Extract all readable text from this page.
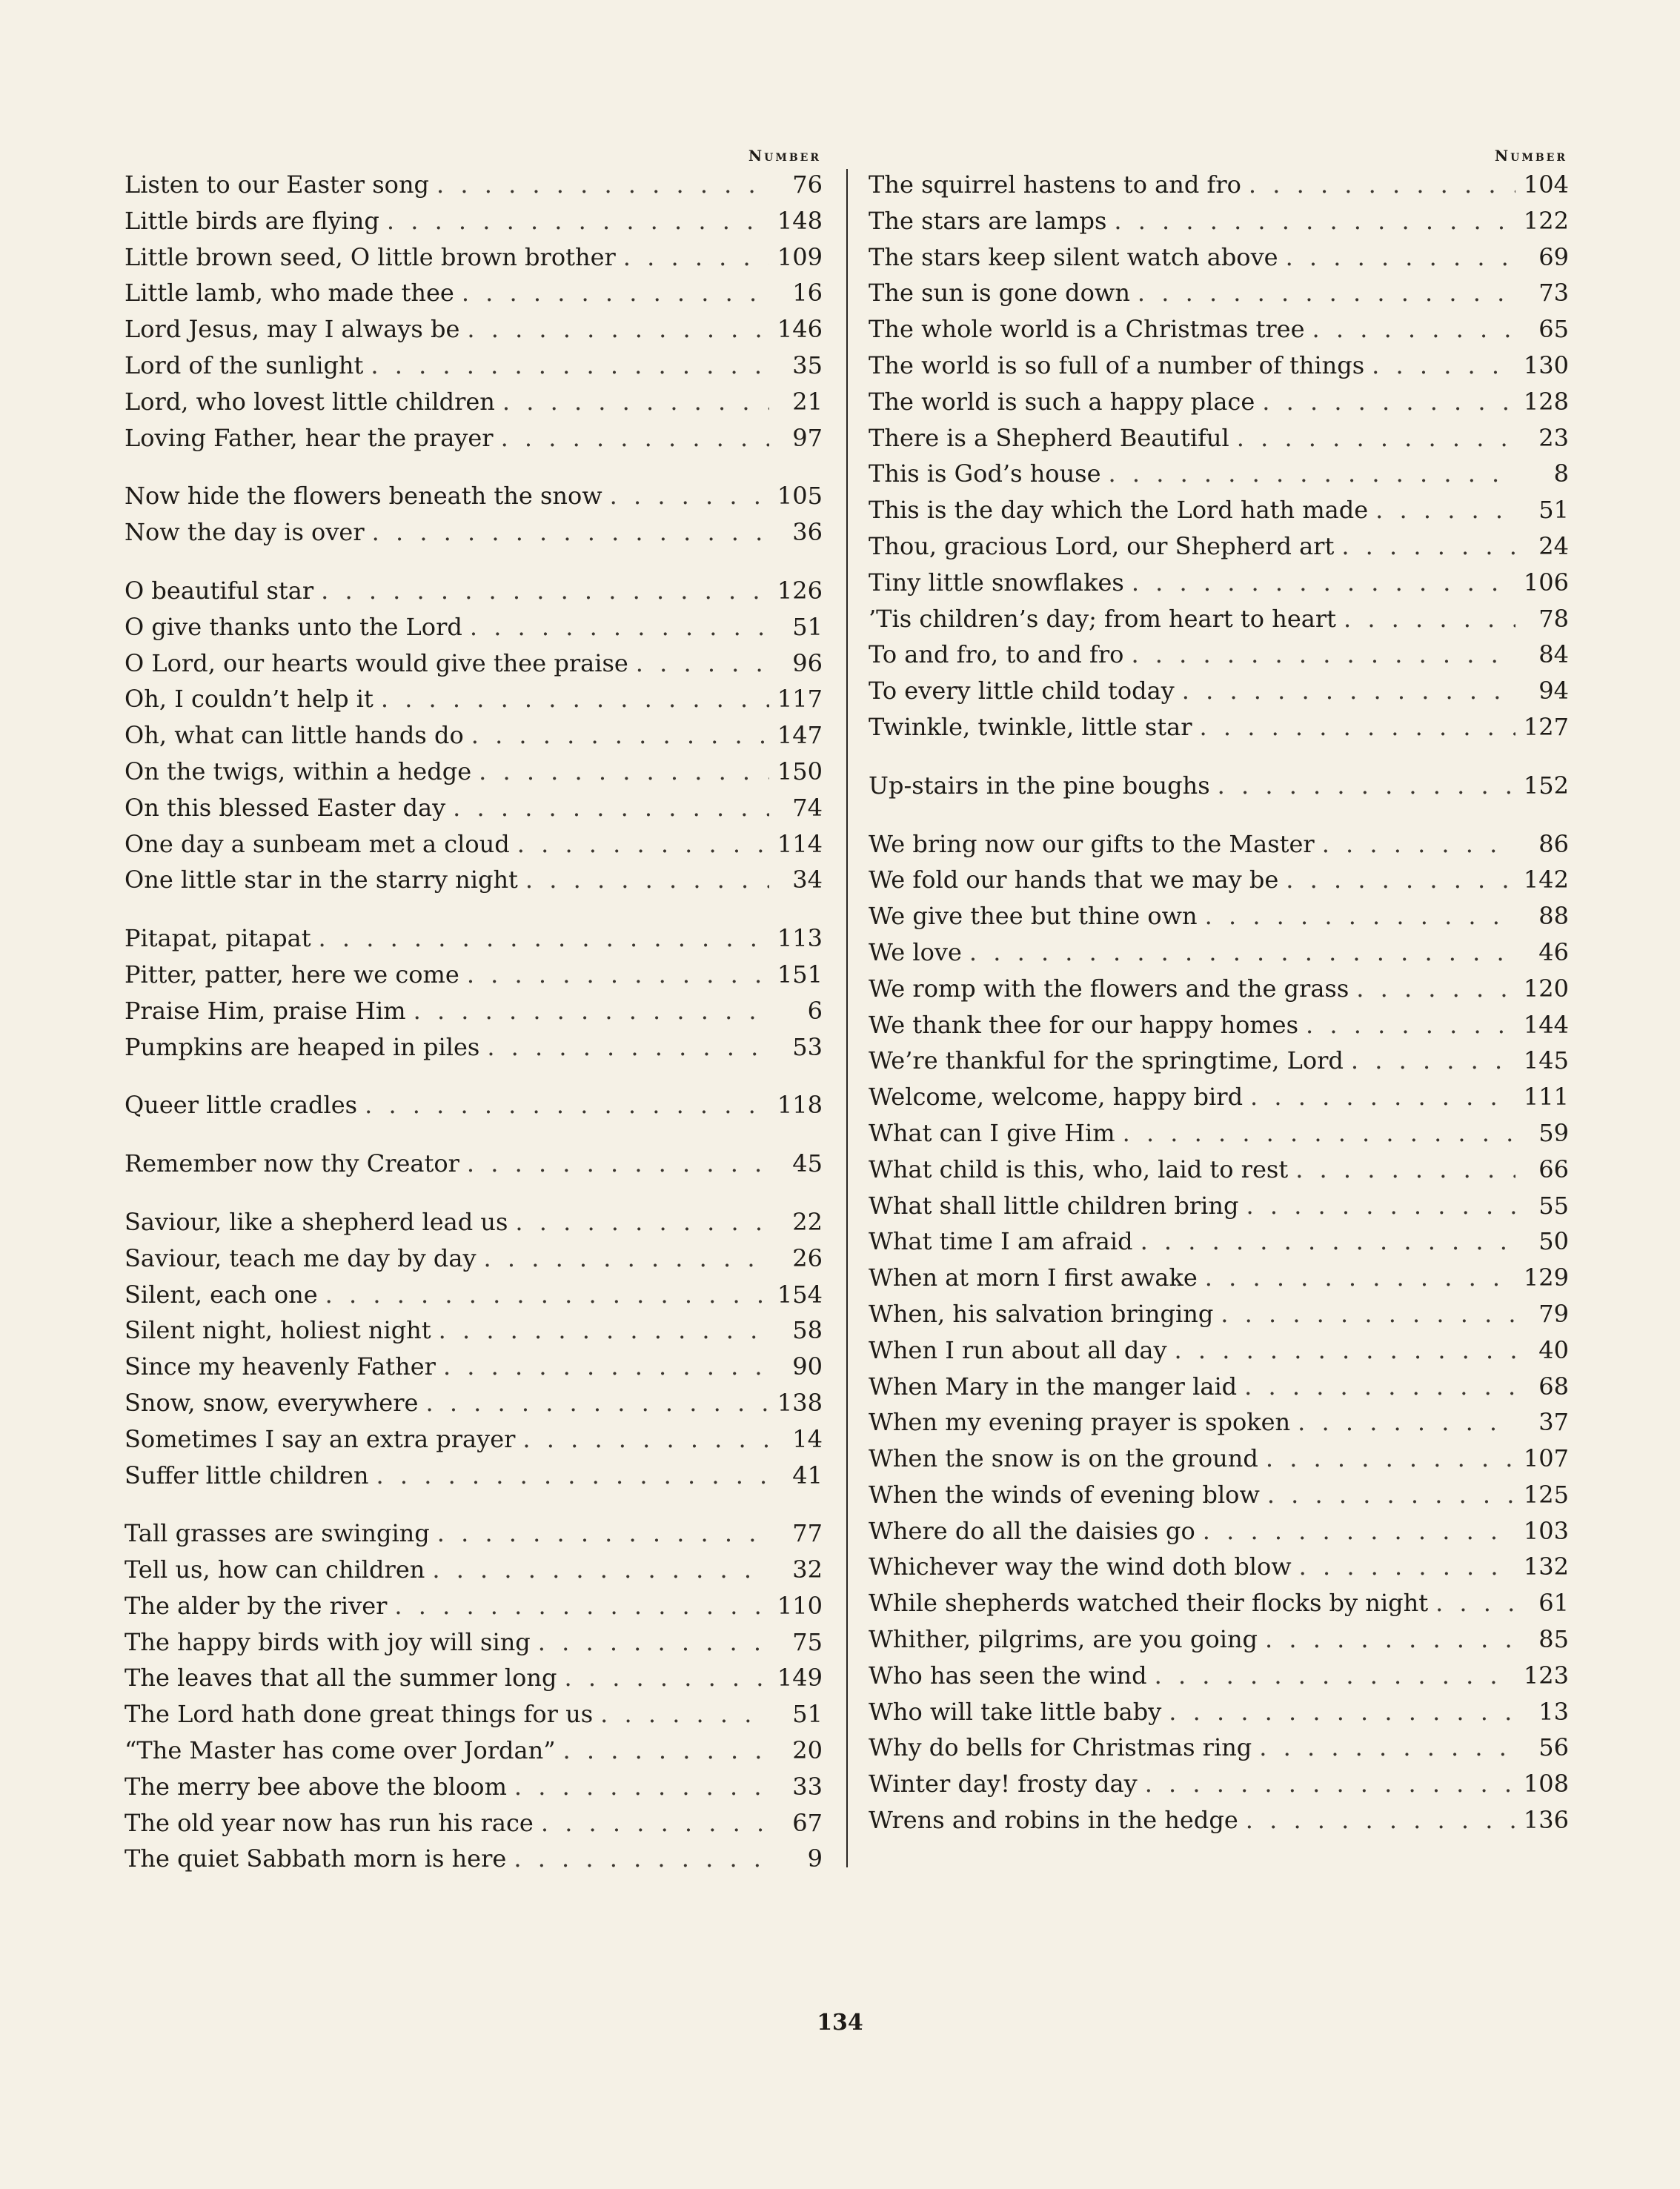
Number
Listen to our Easter song . . .	76
Little birds are flying . . .	148
Little brown seed, O little brown brother . . .	109
Little lamb, who made thee . . .	16
Lord Jesus, may I always be . . .	146
Lord of the sunlight . . .	35
Lord, who lovest little children . . .	21
Loving Father, hear the prayer . . .	97
Now hide the flowers beneath the snow . . .	105
Now the day is over . . .	36
O beautiful star . . .	126
O give thanks unto the Lord . . .	51
O Lord, our hearts would give thee praise . . .	96
Oh, I couldn’t help it . . .	117
Oh, what can little hands do . . .	147
On the twigs, within a hedge . . .	150
On this blessed Easter day . . .	74
One day a sunbeam met a cloud . . .	114
One little star in the starry night . . .	34
Pitapat, pitapat . . .	113
Pitter, patter, here we come . . .	151
Praise Him, praise Him . . .	6
Pumpkins are heaped in piles . . .	53
Queer little cradles . . .	118
Remember now thy Creator . . .	45
Saviour, like a shepherd lead us . . .	22
Saviour, teach me day by day . . .	26
Silent, each one . . .	154
Silent night, holiest night . . .	58
Since my heavenly Father . . .	90
Snow, snow, everywhere . . .	138
Sometimes I say an extra prayer . . .	14
Suffer little children . . .	41
Tall grasses are swinging . . .	77
Tell us, how can children . . .	32
The alder by the river . . .	110
The happy birds with joy will sing . . .	75
The leaves that all the summer long . . .	149
The Lord hath done great things for us . . .	51
“The Master has come over Jordan” . . .	20
The merry bee above the bloom . . .	33
The old year now has run his race . . .	67
The quiet Sabbath morn is here . . .	9
Number
The squirrel hastens to and fro . . .	104
The stars are lamps . . .	122
The stars keep silent watch above . . .	69
The sun is gone down . . .	73
The whole world is a Christmas tree . . .	65
The world is so full of a number of things . . .	130
The world is such a happy place . . .	128
There is a Shepherd Beautiful . . .	23
This is God’s house . . .	8
This is the day which the Lord hath made . . .	51
Thou, gracious Lord, our Shepherd art . . .	24
Tiny little snowflakes . . .	106
’Tis children’s day; from heart to heart . . .	78
To and fro, to and fro . . .	84
To every little child today . . .	94
Twinkle, twinkle, little star . . .	127
Up-stairs in the pine boughs . . .	152
We bring now our gifts to the Master . . .	86
We fold our hands that we may be . . .	142
We give thee but thine own . . .	88
We love . . .	46
We romp with the flowers and the grass . . .	120
We thank thee for our happy homes . . .	144
We’re thankful for the springtime, Lord . . .	145
Welcome, welcome, happy bird . . .	111
What can I give Him . . .	59
What child is this, who, laid to rest . . .	66
What shall little children bring . . .	55
What time I am afraid . . .	50
When at morn I first awake . . .	129
When, his salvation bringing . . .	79
When I run about all day . . .	40
When Mary in the manger laid . . .	68
When my evening prayer is spoken . . .	37
When the snow is on the ground . . .	107
When the winds of evening blow . . .	125
Where do all the daisies go . . .	103
Whichever way the wind doth blow . . .	132
While shepherds watched their flocks by night . . .	61
Whither, pilgrims, are you going . . .	85
Who has seen the wind . . .	123
Who will take little baby . . .	13
Why do bells for Christmas ring . . .	56
Winter day! frosty day . . .	108
Wrens and robins in the hedge . . .	136
134
